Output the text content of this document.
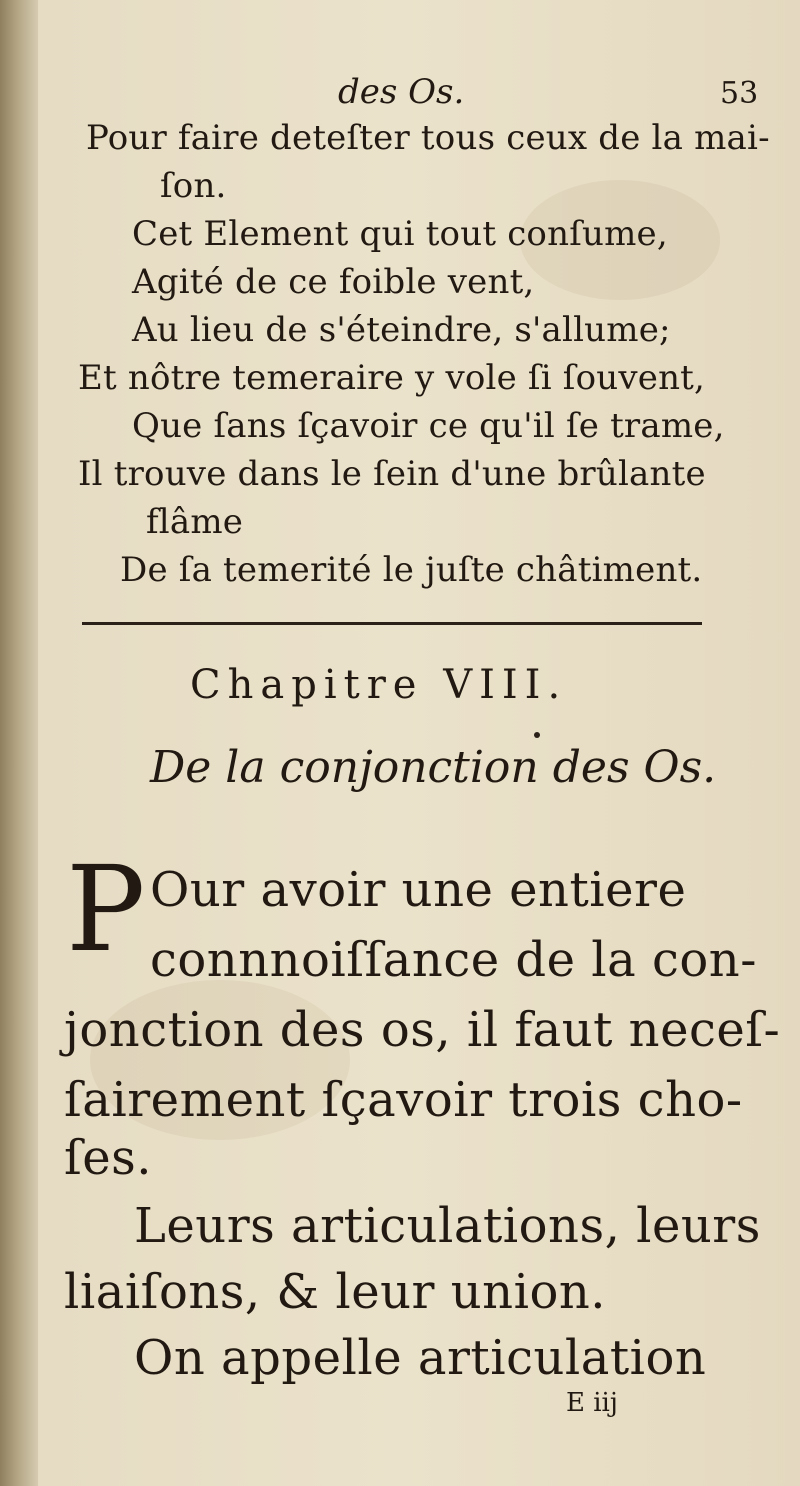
des Os.	53
Pour faire deteſter tous ceux de la mai-
ſon.
Cet Element qui tout conſume,
Agité de ce foible vent,
Au lieu de s'éteindre, s'allume;
Et nôtre temeraire y vole ſi ſouvent,
Que ſans ſçavoir ce qu'il ſe trame,
Il trouve dans le ſein d'une brûlante
flâme
De ſa temerité le juſte châtiment.
Chapitre VIII.
De la conjonction des Os.
P Our avoir une entiere
connnoiſſance de la con-
jonction des os, il faut neceſ-
ſairement ſçavoir trois cho-
ſes.
Leurs articulations, leurs
liaiſons, & leur union.
On appelle articulation
E iij
